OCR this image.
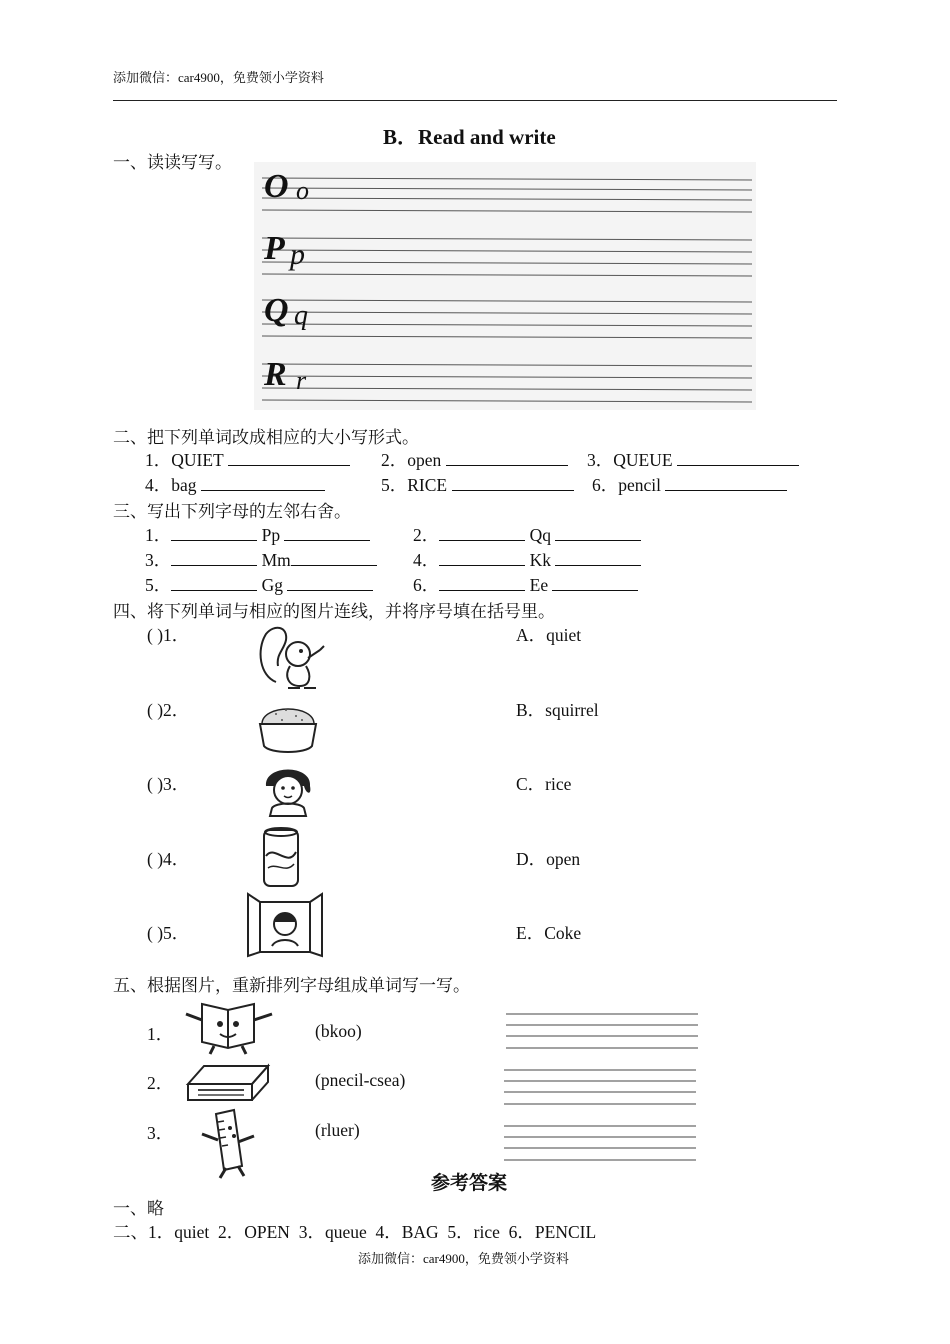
添加微信：car4900，免费领小学资料
B．Read and write
一、读读写写。
O o
P p
Q q
R r
二、把下列单词改成相应的大小写形式。
1．QUIET	2．open	3．QUEUE
4．bag	5．RICE	6．pencil
三、写出下列字母的左邻右舍。
1．	Pp	2．	Qq
3．	Mm	4．	Kk
5．	Gg	6．	Ee
四、将下列单词与相应的图片连线，并将序号填在括号里。
( )1．	A．quiet
( )2．	B．squirrel
( )3．	C．rice
( )4．	D．open
( )5．	E．Coke
五、根据图片，重新排列字母组成单词写一写。
1．	(bkoo)
2．	(pnecil-csea)
3．	(rluer)
参考答案
一、略
二、1．quiet  2．OPEN  3．queue  4．BAG  5．rice  6．PENCIL
添加微信：car4900，免费领小学资料
